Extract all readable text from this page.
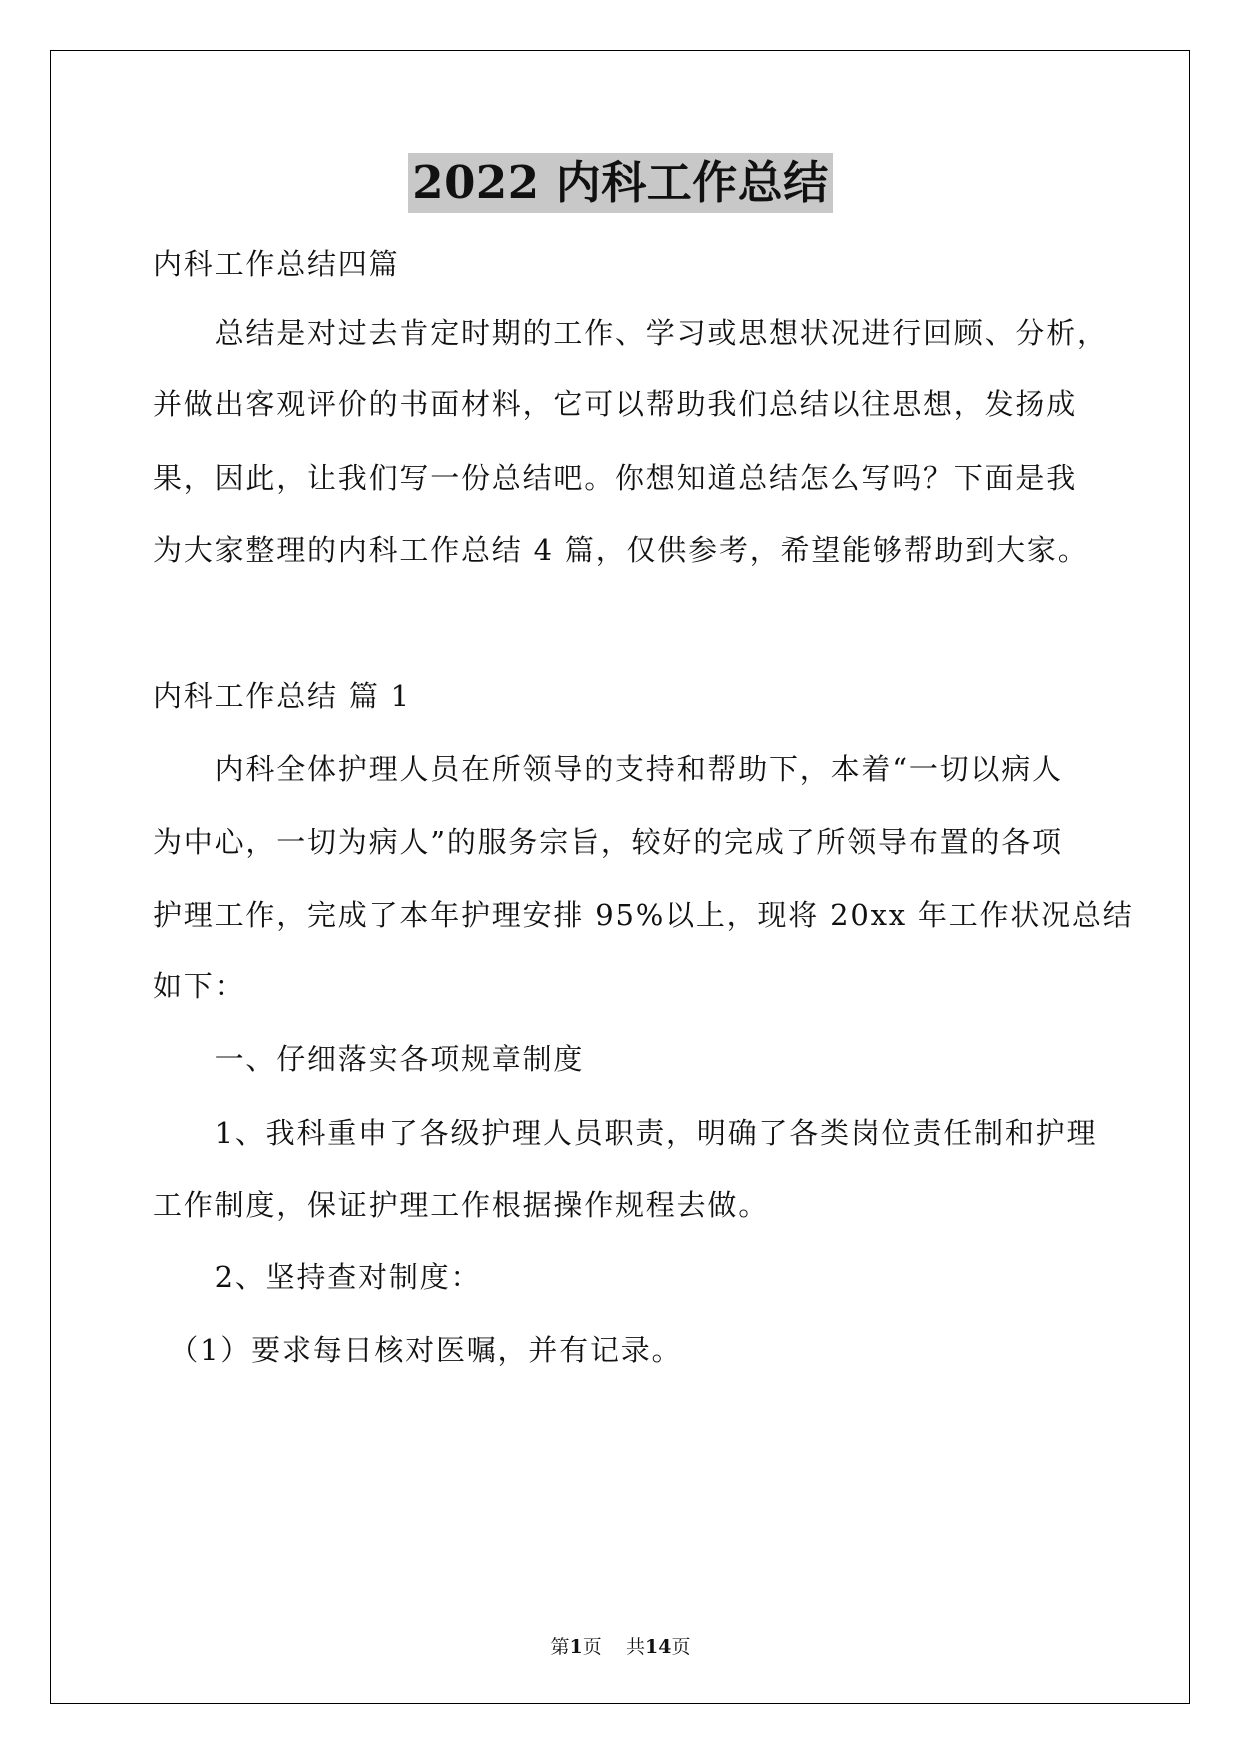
2022 内科工作总结
内科工作总结四篇
　　总结是对过去肯定时期的工作、学习或思想状况进行回顾、分析，
并做出客观评价的书面材料，它可以帮助我们总结以往思想，发扬成
果，因此，让我们写一份总结吧。你想知道总结怎么写吗？下面是我
为大家整理的内科工作总结 4 篇，仅供参考，希望能够帮助到大家。
内科工作总结 篇 1
　　内科全体护理人员在所领导的支持和帮助下，本着“一切以病人
为中心，一切为病人”的服务宗旨，较好的完成了所领导布置的各项
护理工作，完成了本年护理安排 95%以上，现将 20xx 年工作状况总结
如下：
　　一、仔细落实各项规章制度
　　1、我科重申了各级护理人员职责，明确了各类岗位责任制和护理
工作制度，保证护理工作根据操作规程去做。
　　2、坚持查对制度：
　（1）要求每日核对医嘱，并有记录。
第1页 共14页
